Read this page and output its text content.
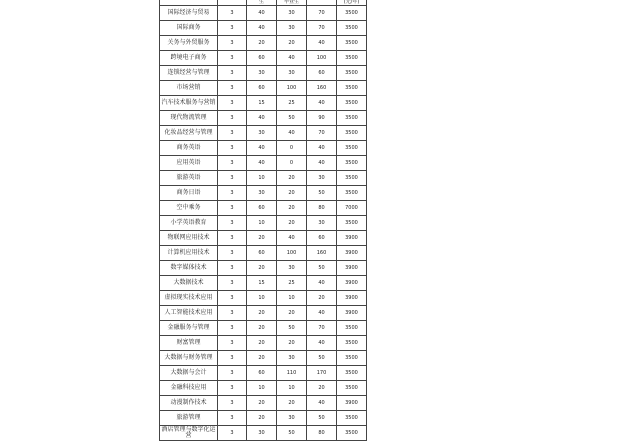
		生	毕业生		(元/年)
国际经济与贸易	3	40	30	70	3500
国际商务	3	40	30	70	3500
关务与外贸服务	3	20	20	40	3500
跨境电子商务	3	60	40	100	3500
连锁经营与管理	3	30	30	60	3500
市场营销	3	60	100	160	3500
汽车技术服务与营销	3	15	25	40	3500
现代物流管理	3	40	50	90	3500
化妆品经营与管理	3	30	40	70	3500
商务英语	3	40	0	40	3500
应用英语	3	40	0	40	3500
旅游英语	3	10	20	30	3500
商务日语	3	30	20	50	3500
空中乘务	3	60	20	80	7000
小学英语教育	3	10	20	30	3500
物联网应用技术	3	20	40	60	3900
计算机应用技术	3	60	100	160	3900
数字媒体技术	3	20	30	50	3900
大数据技术	3	15	25	40	3900
虚拟现实技术应用	3	10	10	20	3900
人工智能技术应用	3	20	20	40	3900
金融服务与管理	3	20	50	70	3500
财富管理	3	20	20	40	3500
大数据与财务管理	3	20	30	50	3500
大数据与会计	3	60	110	170	3500
金融科技应用	3	10	10	20	3500
动漫制作技术	3	20	20	40	3900
旅游管理	3	20	30	50	3500
酒店管理与数字化运营	3	30	50	80	3500
